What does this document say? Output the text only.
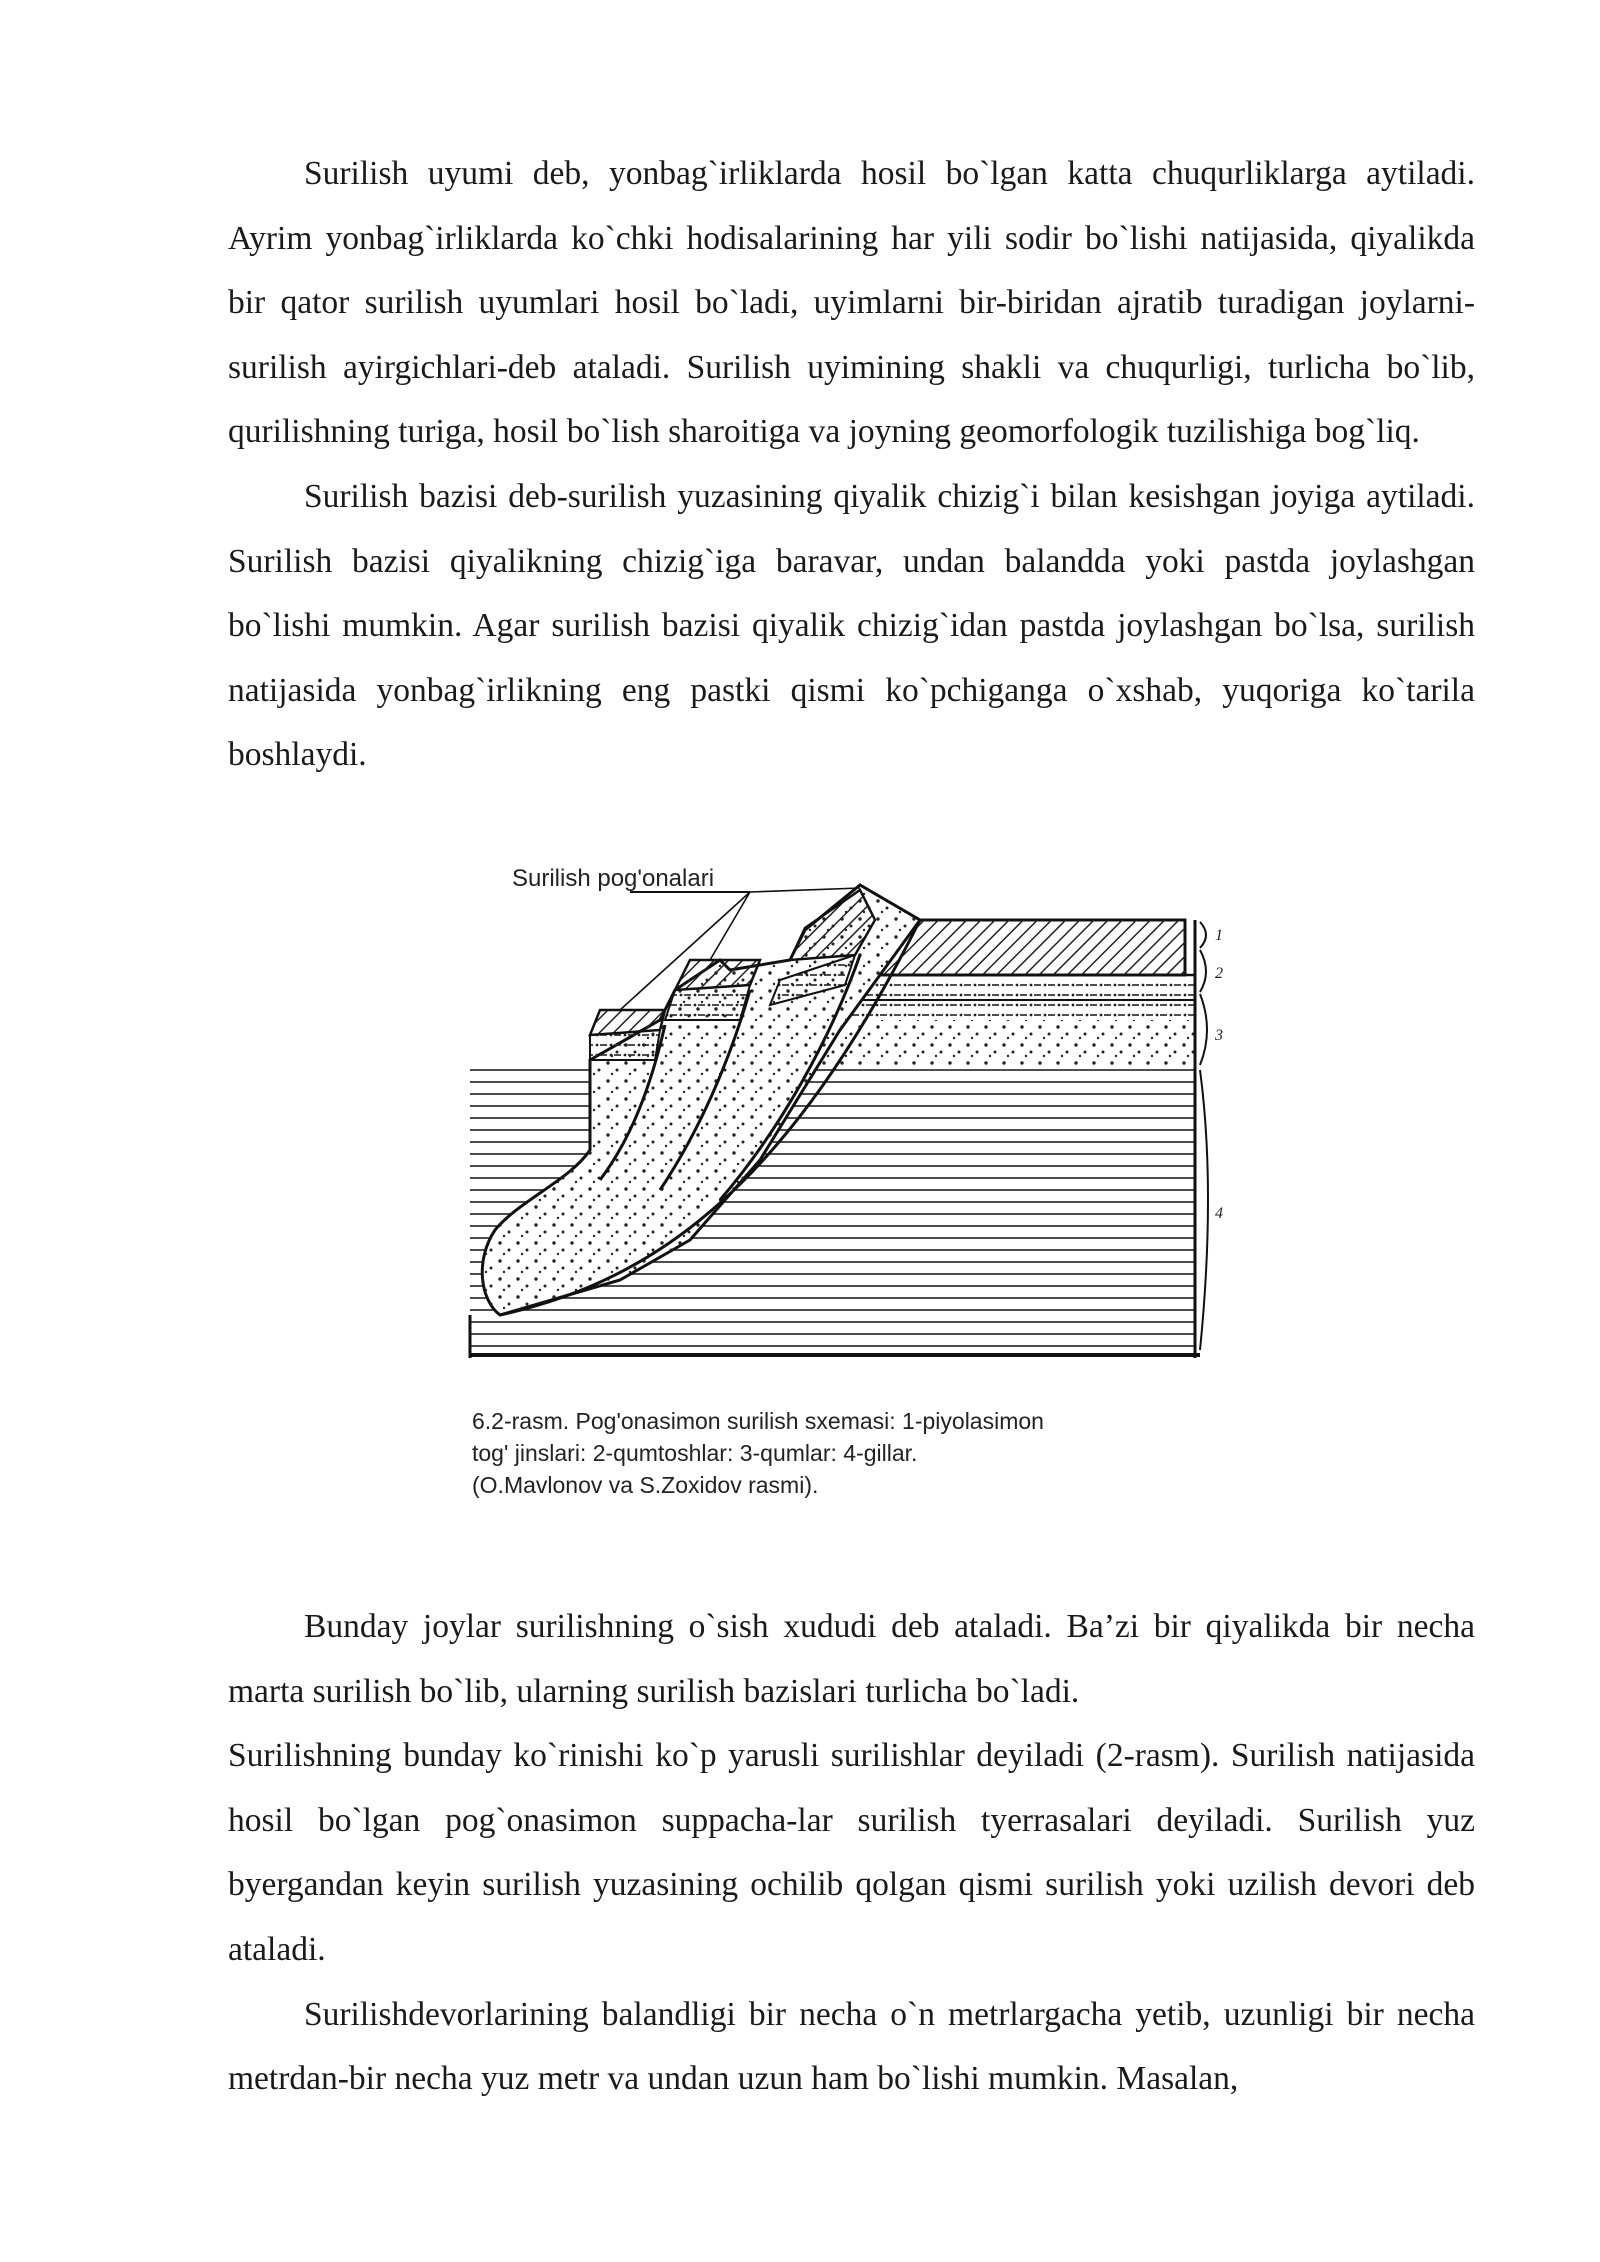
Surilish uyumi deb, yonbag`irliklarda hosil bo`lgan katta chuqurliklarga aytiladi. Ayrim yonbag`irliklarda ko`chki hodisalarining har yili sodir bo`lishi natijasida, qiyalikda bir qator surilish uyumlari hosil bo`ladi, uyimlarni bir-biridan ajratib turadigan joylarni-surilish ayirgichlari-deb ataladi. Surilish uyimining shakli va chuqurligi, turlicha bo`lib, qurilishning turiga, hosil bo`lish sharoitiga va joyning geomorfologik tuzilishiga bog`liq.

Surilish bazisi deb-surilish yuzasining qiyalik chizig`i bilan kesishgan joyiga aytiladi. Surilish bazisi qiyalikning chizig`iga baravar, undan balandda yoki pastda joylashgan bo`lishi mumkin. Agar surilish bazisi qiyalik chizig`idan pastda joylashgan bo`lsa, surilish natijasida yonbag`irlikning eng pastki qismi ko`pchiganga o`xshab, yuqoriga ko`tarila boshlaydi.

Surilish pog'onalari
1
2
3
4
6.2-rasm. Pog'onasimon surilish sxemasi: 1-piyolasimon
tog' jinslari: 2-qumtoshlar: 3-qumlar: 4-gillar.
(O.Mavlonov va S.Zoxidov rasmi).

Bunday joylar surilishning o`sish xududi deb ataladi. Ba’zi bir qiyalikda bir necha marta surilish bo`lib, ularning surilish bazislari turlicha bo`ladi.

Surilishning bunday ko`rinishi ko`p yarusli surilishlar deyiladi (2-rasm). Surilish natijasida hosil bo`lgan pog`onasimon suppacha-lar surilish tyerrasalari deyiladi. Surilish yuz byergandan keyin surilish yuzasining ochilib qolgan qismi surilish yoki uzilish devori deb ataladi.

Surilishdevorlarining balandligi bir necha o`n metrlargacha yetib, uzunligi bir necha metrdan-bir necha yuz metr va undan uzun ham bo`lishi mumkin. Masalan,
